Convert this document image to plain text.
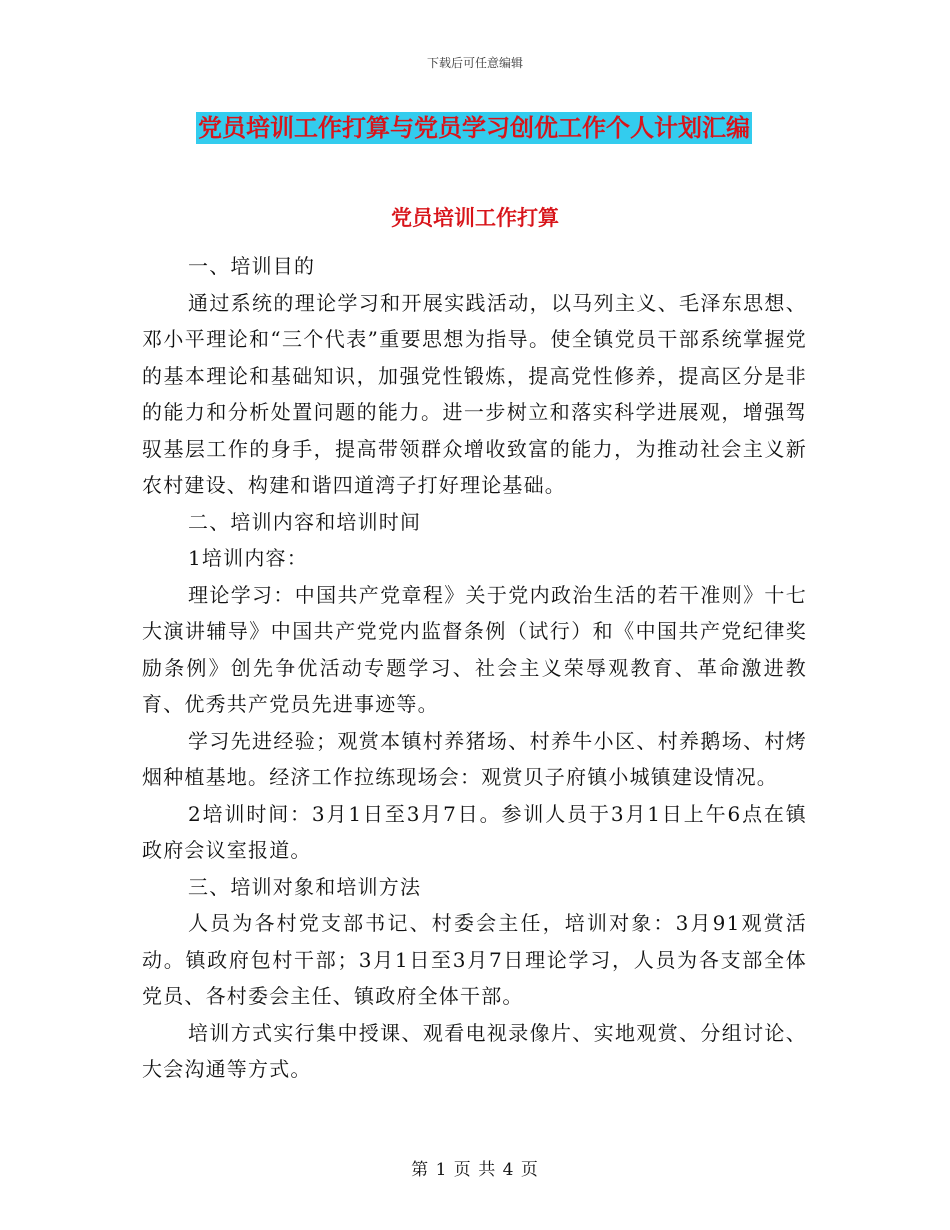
下载后可任意编辑
党员培训工作打算与党员学习创优工作个人计划汇编
党员培训工作打算

一、培训目的

通过系统的理论学习和开展实践活动，以马列主义、毛泽东思想、邓小平理论和“三个代表”重要思想为指导。使全镇党员干部系统掌握党的基本理论和基础知识，加强党性锻炼，提高党性修养，提高区分是非的能力和分析处置问题的能力。进一步树立和落实科学进展观，增强驾驭基层工作的身手，提高带领群众增收致富的能力，为推动社会主义新农村建设、构建和谐四道湾子打好理论基础。

二、培训内容和培训时间

1培训内容：

理论学习：中国共产党章程》关于党内政治生活的若干准则》十七大演讲辅导》中国共产党党内监督条例（试行）和《中国共产党纪律奖励条例》创先争优活动专题学习、社会主义荣辱观教育、革命激进教育、优秀共产党员先进事迹等。

学习先进经验；观赏本镇村养猪场、村养牛小区、村养鹅场、村烤烟种植基地。经济工作拉练现场会：观赏贝子府镇小城镇建设情况。

2培训时间：3月1日至3月7日。参训人员于3月1日上午6点在镇政府会议室报道。

三、培训对象和培训方法

人员为各村党支部书记、村委会主任，培训对象：3月91观赏活动。镇政府包村干部；3月1日至3月7日理论学习，人员为各支部全体党员、各村委会主任、镇政府全体干部。

培训方式实行集中授课、观看电视录像片、实地观赏、分组讨论、大会沟通等方式。

第 1 页 共 4 页
